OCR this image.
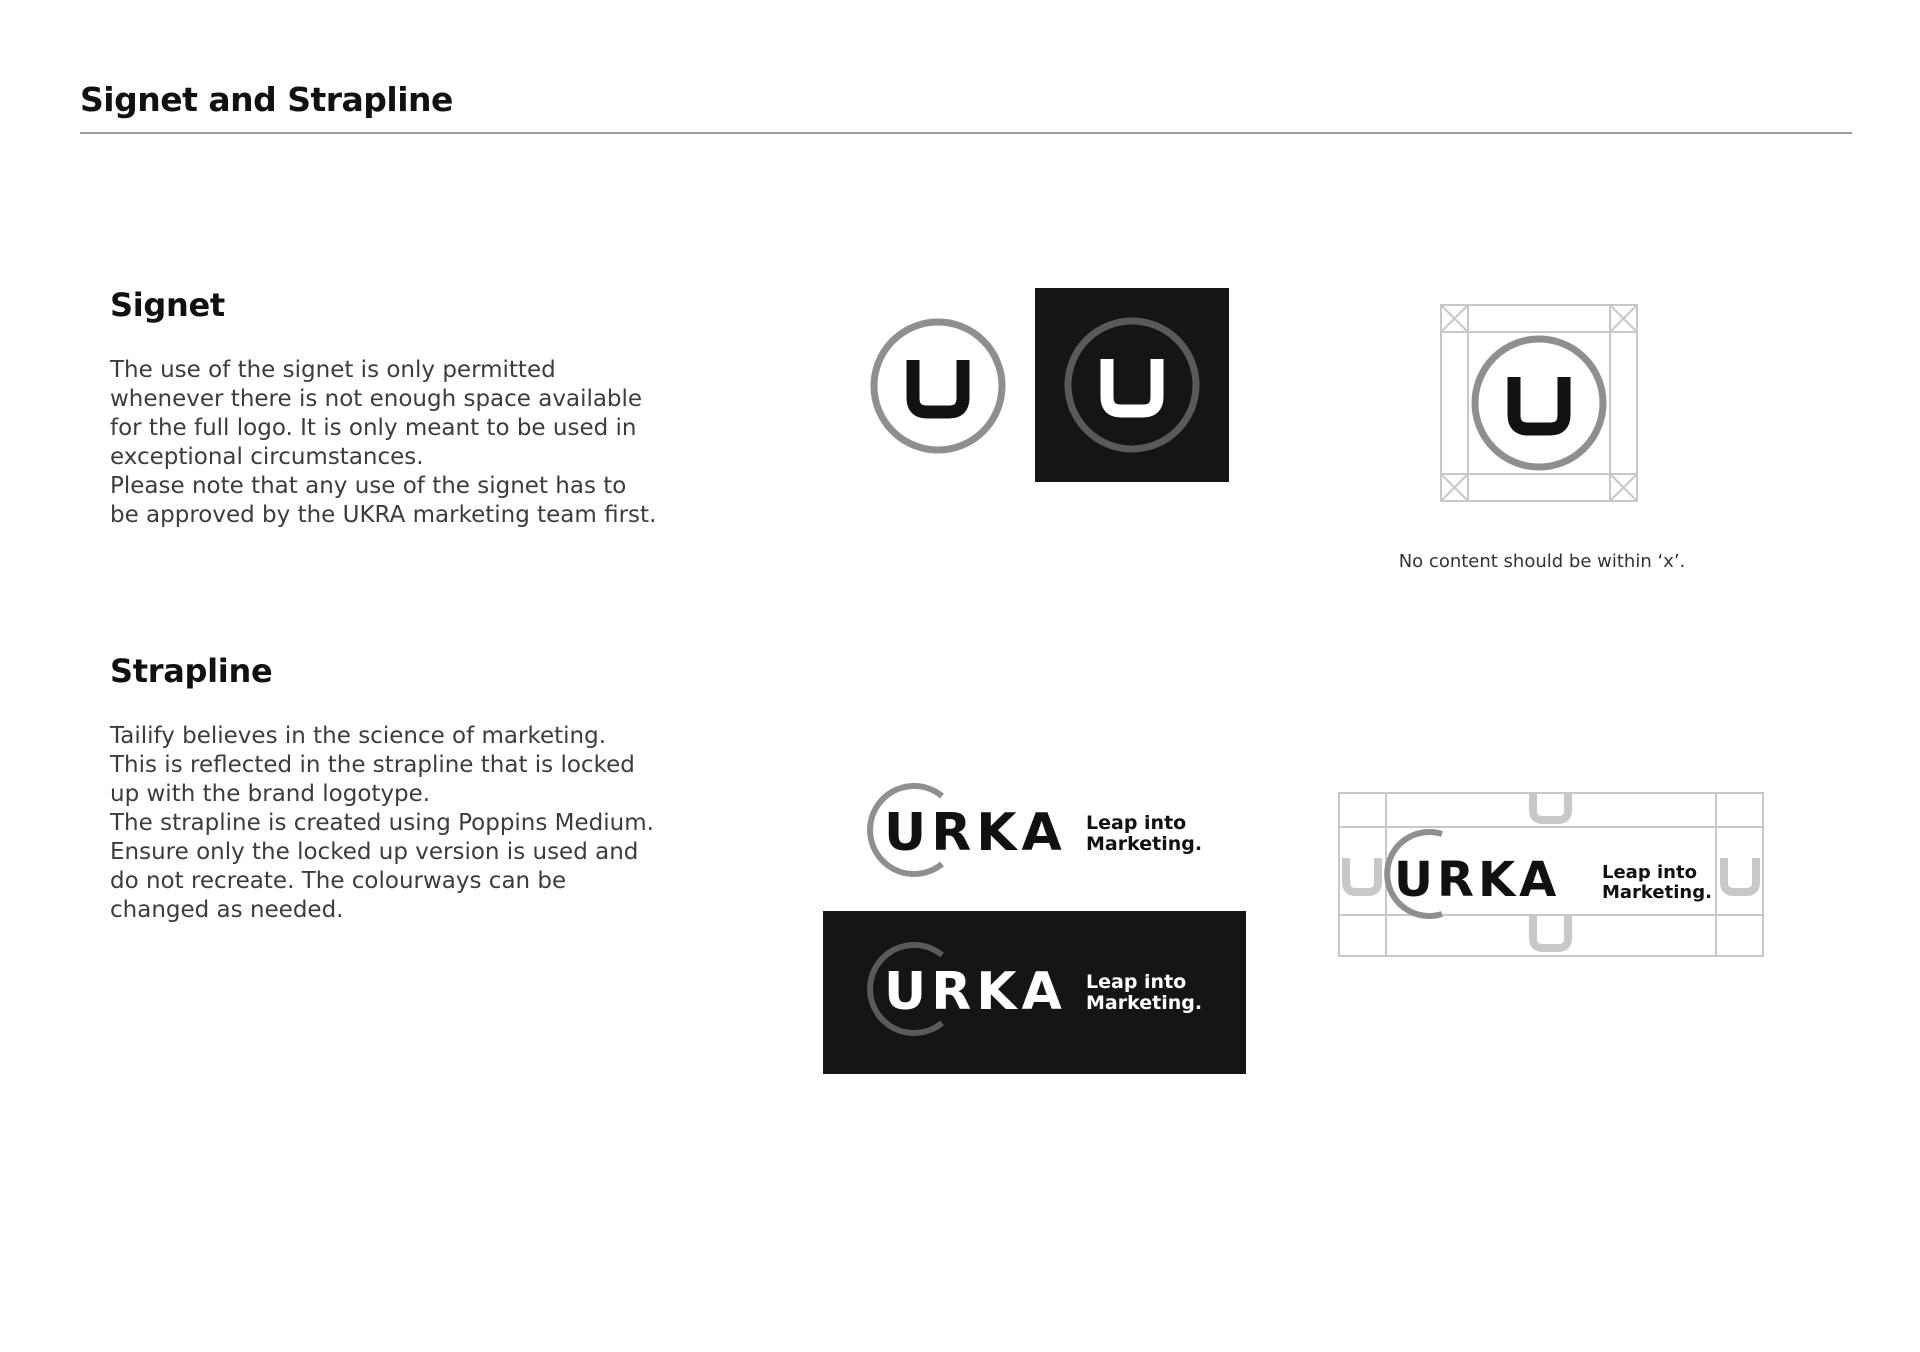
Signet and Strapline
Signet
The use of the signet is only permitted
whenever there is not enough space available
for the full logo. It is only meant to be used in
exceptional circumstances.
Please note that any use of the signet has to
be approved by the UKRA marketing team first.
Strapline
Tailify believes in the science of marketing.
This is reflected in the strapline that is locked
up with the brand logotype.
The strapline is created using Poppins Medium.
Ensure only the locked up version is used and
do not recreate. The colourways can be
changed as needed.
No content should be within ‘x’.
URKA Leap into
Marketing.
URKA Leap into
Marketing.
URKA Leap into
Marketing.
